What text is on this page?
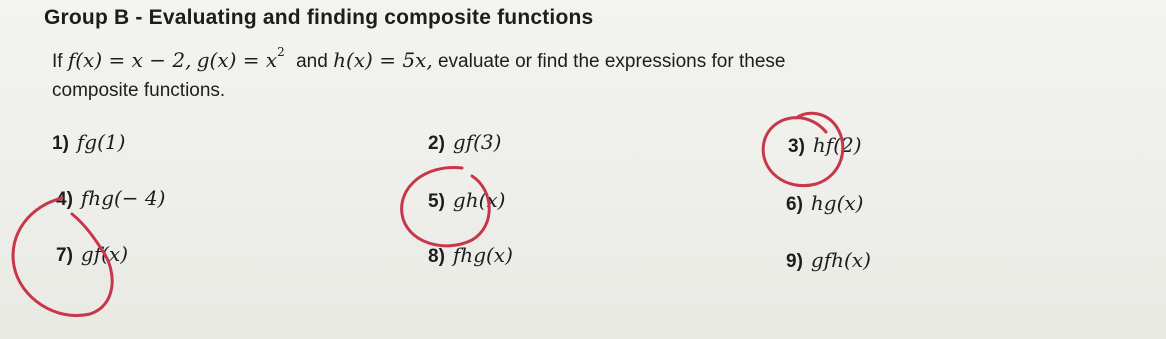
Group B - Evaluating and finding composite functions
If f(x) = x − 2, $g(x) = x^2$ and h(x) = 5x, evaluate or find the expressions for these
composite functions.
1) fg(1)	2) gf(3)	3) hf(2)
4) fhg(− 4)	5) gh(x)	6) hg(x)
7) gf(x)	8) fhg(x)	9) gfh(x)
